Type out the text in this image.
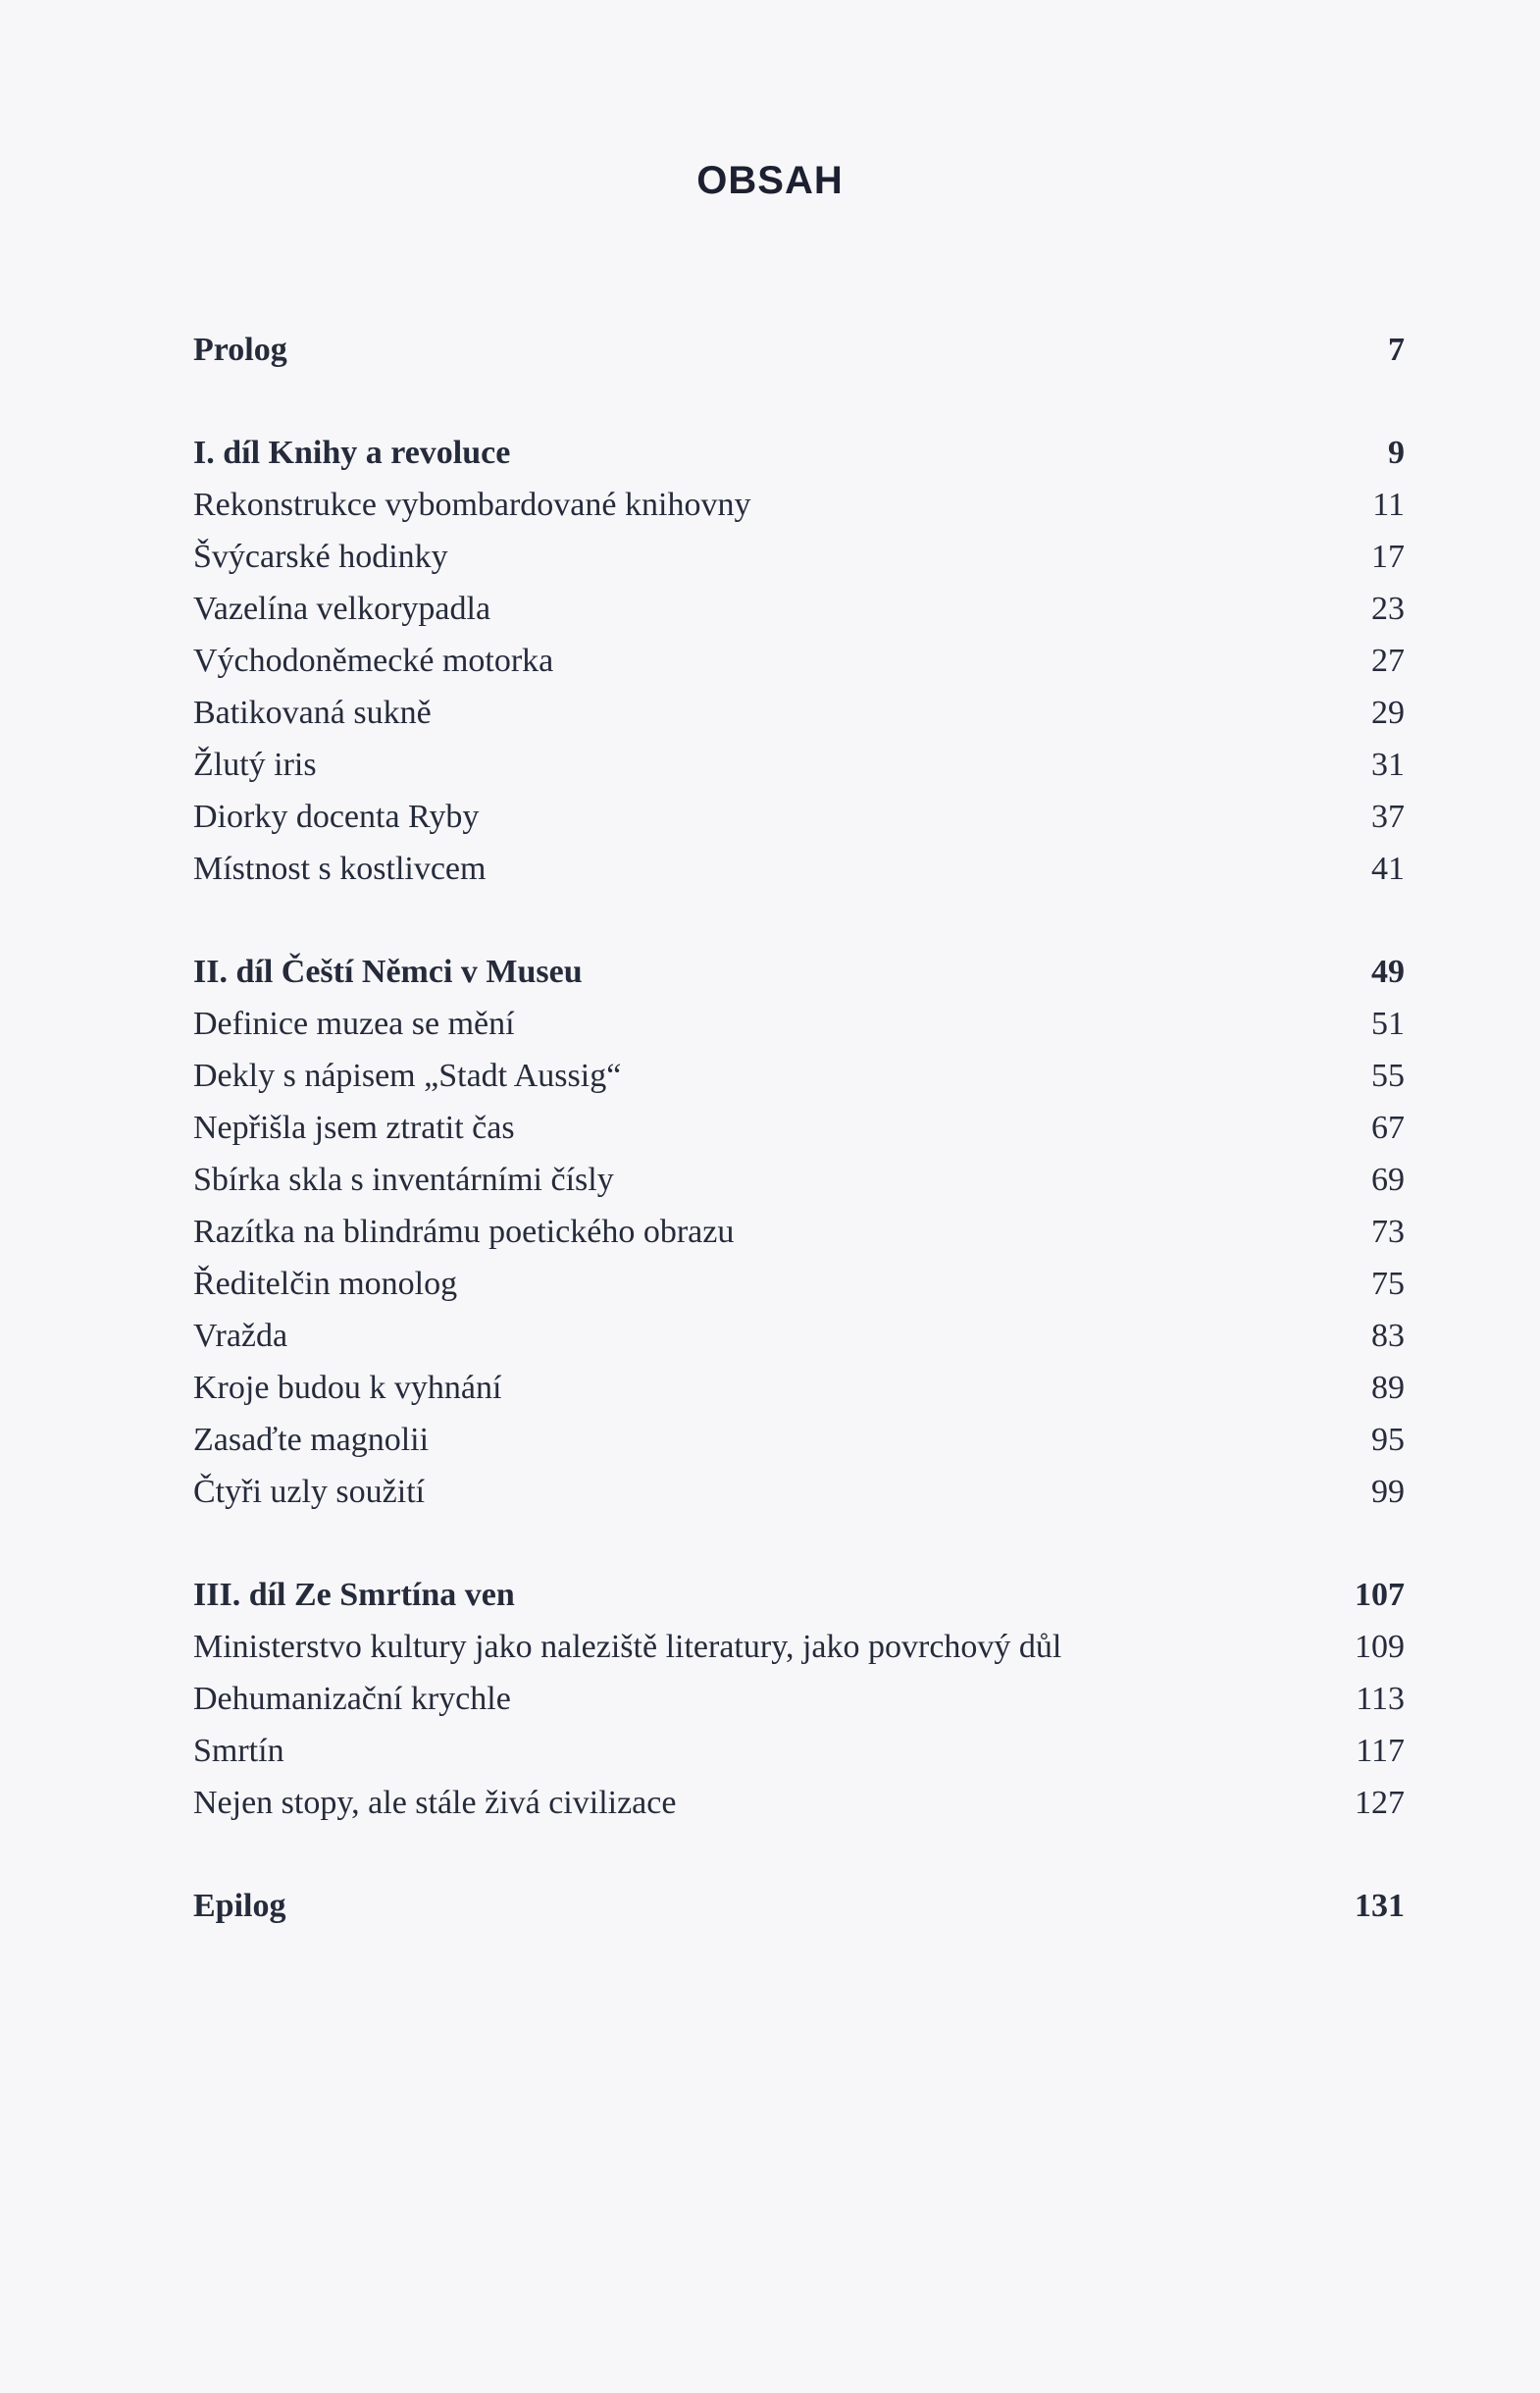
OBSAH
Prolog	7
I. díl Knihy a revoluce	9
Rekonstrukce vybombardované knihovny	11
Švýcarské hodinky	17
Vazelína velkorypadla	23
Východoněmecké motorka	27
Batikovaná sukně	29
Žlutý iris	31
Diorky docenta Ryby	37
Místnost s kostlivcem	41
II. díl Čeští Němci v Museu	49
Definice muzea se mění	51
Dekly s nápisem „Stadt Aussig“	55
Nepřišla jsem ztratit čas	67
Sbírka skla s inventárními čísly	69
Razítka na blindrámu poetického obrazu	73
Ředitelčin monolog	75
Vražda	83
Kroje budou k vyhnání	89
Zasaďte magnolii	95
Čtyři uzly soužití	99
III. díl Ze Smrtína ven	107
Ministerstvo kultury jako naleziště literatury, jako povrchový důl	109
Dehumanizační krychle	113
Smrtín	117
Nejen stopy, ale stále živá civilizace	127
Epilog	131
